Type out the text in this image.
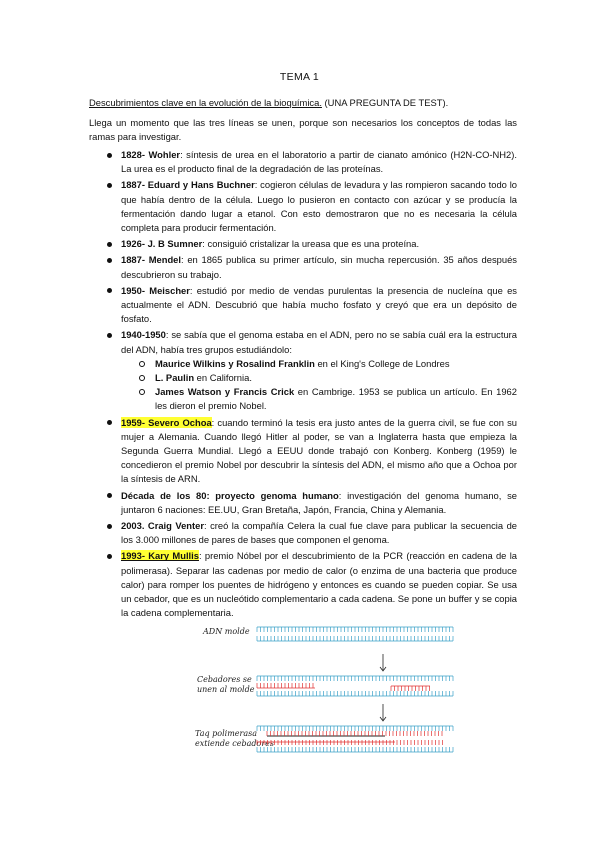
TEMA 1
Descubrimientos clave en la evolución de la bioquímica. (UNA PREGUNTA DE TEST).
Llega un momento que las tres líneas se unen, porque son necesarios los conceptos de todas las ramas para investigar.
1828- Wohler: síntesis de urea en el laboratorio a partir de cianato amónico (H2N-CO-NH2). La urea es el producto final de la degradación de las proteínas.
1887- Eduard y Hans Buchner: cogieron células de levadura y las rompieron sacando todo lo que había dentro de la célula. Luego lo pusieron en contacto con azúcar y se producía la fermentación dando lugar a etanol. Con esto demostraron que no es necesaria la célula completa para producir fermentación.
1926- J. B Sumner: consiguió cristalizar la ureasa que es una proteína.
1887- Mendel: en 1865 publica su primer artículo, sin mucha repercusión. 35 años después descubrieron su trabajo.
1950- Meischer: estudió por medio de vendas purulentas la presencia de nucleína que es actualmente el ADN. Descubrió que había mucho fosfato y creyó que era un depósito de fosfato.
1940-1950: se sabía que el genoma estaba en el ADN, pero no se sabía cuál era la estructura del ADN, había tres grupos estudiándolo:
Maurice Wilkins y Rosalind Franklin en el King's College de Londres
L. Paulin en California.
James Watson y Francis Crick en Cambrige. 1953 se publica un artículo. En 1962 les dieron el premio Nobel.
1959- Severo Ochoa: cuando terminó la tesis era justo antes de la guerra civil, se fue con su mujer a Alemania. Cuando llegó Hitler al poder, se van a Inglaterra hasta que empieza la Segunda Guerra Mundial. Llegó a EEUU donde trabajó con Konberg. Konberg (1959) le concedieron el premio Nobel por descubrir la síntesis del ADN, el mismo año que a Ochoa por la síntesis de ARN.
Década de los 80: proyecto genoma humano: investigación del genoma humano, se juntaron 6 naciones: EE.UU, Gran Bretaña, Japón, Francia, China y Alemania.
2003. Craig Venter: creó la compañía Celera la cual fue clave para publicar la secuencia de los 3.000 millones de pares de bases que componen el genoma.
1993- Kary Mullis: premio Nóbel por el descubrimiento de la PCR (reacción en cadena de la polimerasa). Separar las cadenas por medio de calor (o enzima de una bacteria que produce calor) para romper los puentes de hidrógeno y entonces es cuando se pueden copiar. Se usa un cebador, que es un nucleótido complementario a cada cadena. Se pone un buffer y se copia la cadena complementaria.
ADN molde
Cebadores se
unen al molde
Taq polimerasa
extiende cebadores
